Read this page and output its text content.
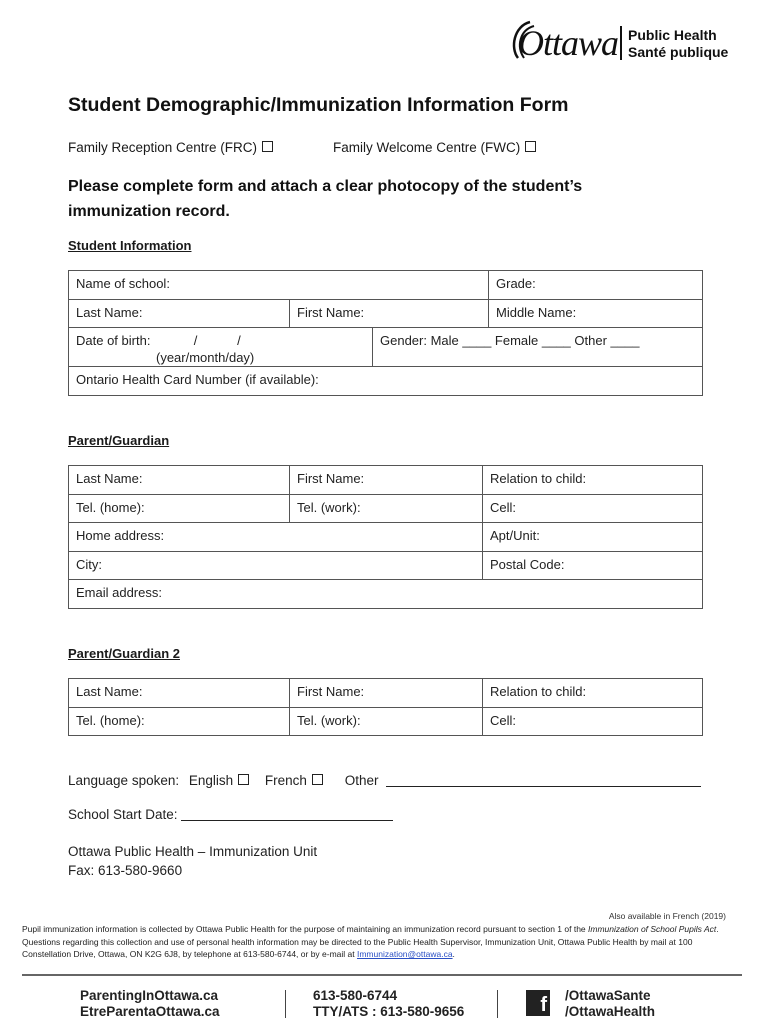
Ottawa Public Health
Santé publique
Student Demographic/Immunization Information Form
Family Reception Centre (FRC)	Family Welcome Centre (FWC)
Please complete form and attach a clear photocopy of the student’s immunization record.
Student Information
Name of school:	Grade:
Last Name:	First Name:	Middle Name:
Date of birth:            /           /
(year/month/day)
Gender: Male ____ Female ____ Other ____
Ontario Health Card Number (if available):
Parent/Guardian
Last Name:	First Name:	Relation to child:
Tel. (home):	Tel. (work):	Cell:
Home address:	Apt/Unit:
City:	Postal Code:
Email address:
Parent/Guardian 2
Last Name:	First Name:	Relation to child:
Tel. (home):	Tel. (work):	Cell:
Language spoken: English French	Other
School Start Date:
Ottawa Public Health – Immunization Unit
Fax: 613-580-9660
Also available in French (2019)
Pupil immunization information is collected by Ottawa Public Health for the purpose of maintaining an immunization record pursuant to section 1 of the Immunization of School Pupils Act. Questions regarding this collection and use of personal health information may be directed to the Public Health Supervisor, Immunization Unit, Ottawa Public Health by mail at 100 Constellation Drive, Ottawa, ON K2G 6J8, by telephone at 613-580-6744, or by e-mail at Immunization@ottawa.ca.
ParentingInOttawa.ca
EtreParentaOttawa.ca
613-580-6744
TTY/ATS : 613-580-9656	f /OttawaSante
/OttawaHealth
